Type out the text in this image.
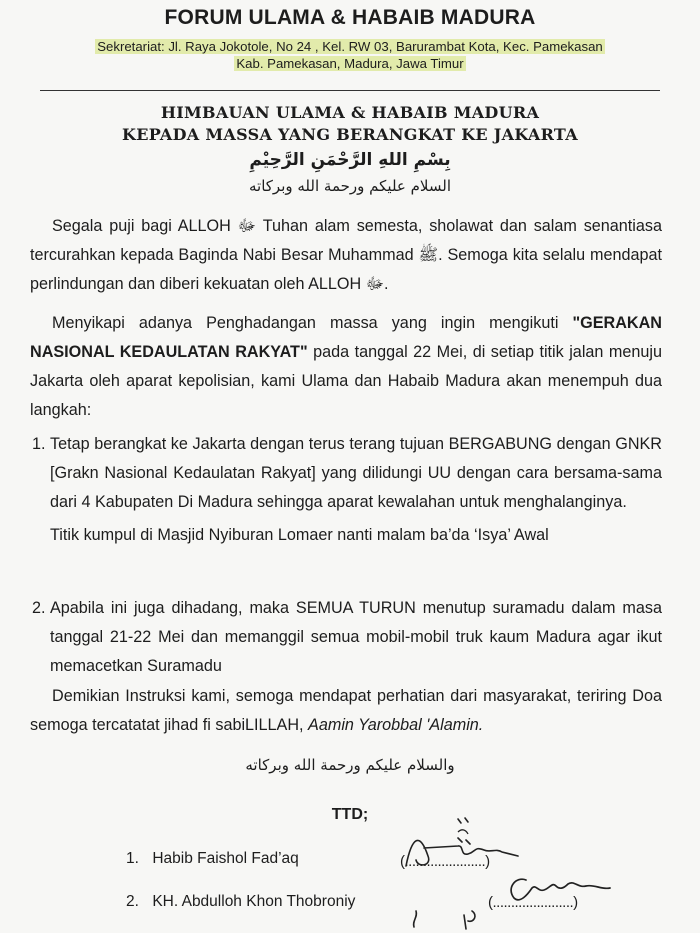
FORUM ULAMA & HABAIB MADURA
Sekretariat: Jl. Raya Jokotole, No 24 , Kel. RW 03, Barurambat Kota, Kec. Pamekasan
Kab. Pamekasan, Madura, Jawa Timur
HIMBAUAN ULAMA & HABAIB MADURA
KEPADA MASSA YANG BERANGKAT KE JAKARTA
بِسْمِ اللهِ الرَّحْمَنِ الرَّحِيْمِ
السلام عليكم ورحمة الله وبركاته
Segala puji bagi ALLOH ﷻ Tuhan alam semesta, sholawat dan salam senantiasa tercurahkan kepada Baginda Nabi Besar Muhammad ﷺ. Semoga kita selalu mendapat perlindungan dan diberi kekuatan oleh ALLOH ﷻ.
Menyikapi adanya Penghadangan massa yang ingin mengikuti "GERAKAN NASIONAL KEDAULATAN RAKYAT" pada tanggal 22 Mei, di setiap titik jalan menuju Jakarta oleh aparat kepolisian, kami Ulama dan Habaib Madura akan menempuh dua langkah:
1. Tetap berangkat ke Jakarta dengan terus terang tujuan BERGABUNG dengan GNKR [Grakn Nasional Kedaulatan Rakyat] yang dilidungi UU dengan cara bersama-sama dari 4 Kabupaten Di Madura sehingga aparat kewalahan untuk menghalanginya.
Titik kumpul di Masjid Nyiburan Lomaer nanti malam ba’da ‘Isya’ Awal
2. Apabila ini juga dihadang, maka SEMUA TURUN menutup suramadu dalam masa tanggal 21-22 Mei dan memanggil semua mobil-mobil truk kaum Madura agar ikut memacetkan Suramadu
Demikian Instruksi kami, semoga mendapat perhatian dari masyarakat, teriring Doa semoga tercatatat jihad fi sabiLILLAH, Aamin Yarobbal 'Alamin.
والسلام عليكم ورحمة الله وبركاته
TTD;
1. Habib Faishol Fad’aq	(......................)
2. KH. Abdulloh Khon Thobroniy	(......................)
